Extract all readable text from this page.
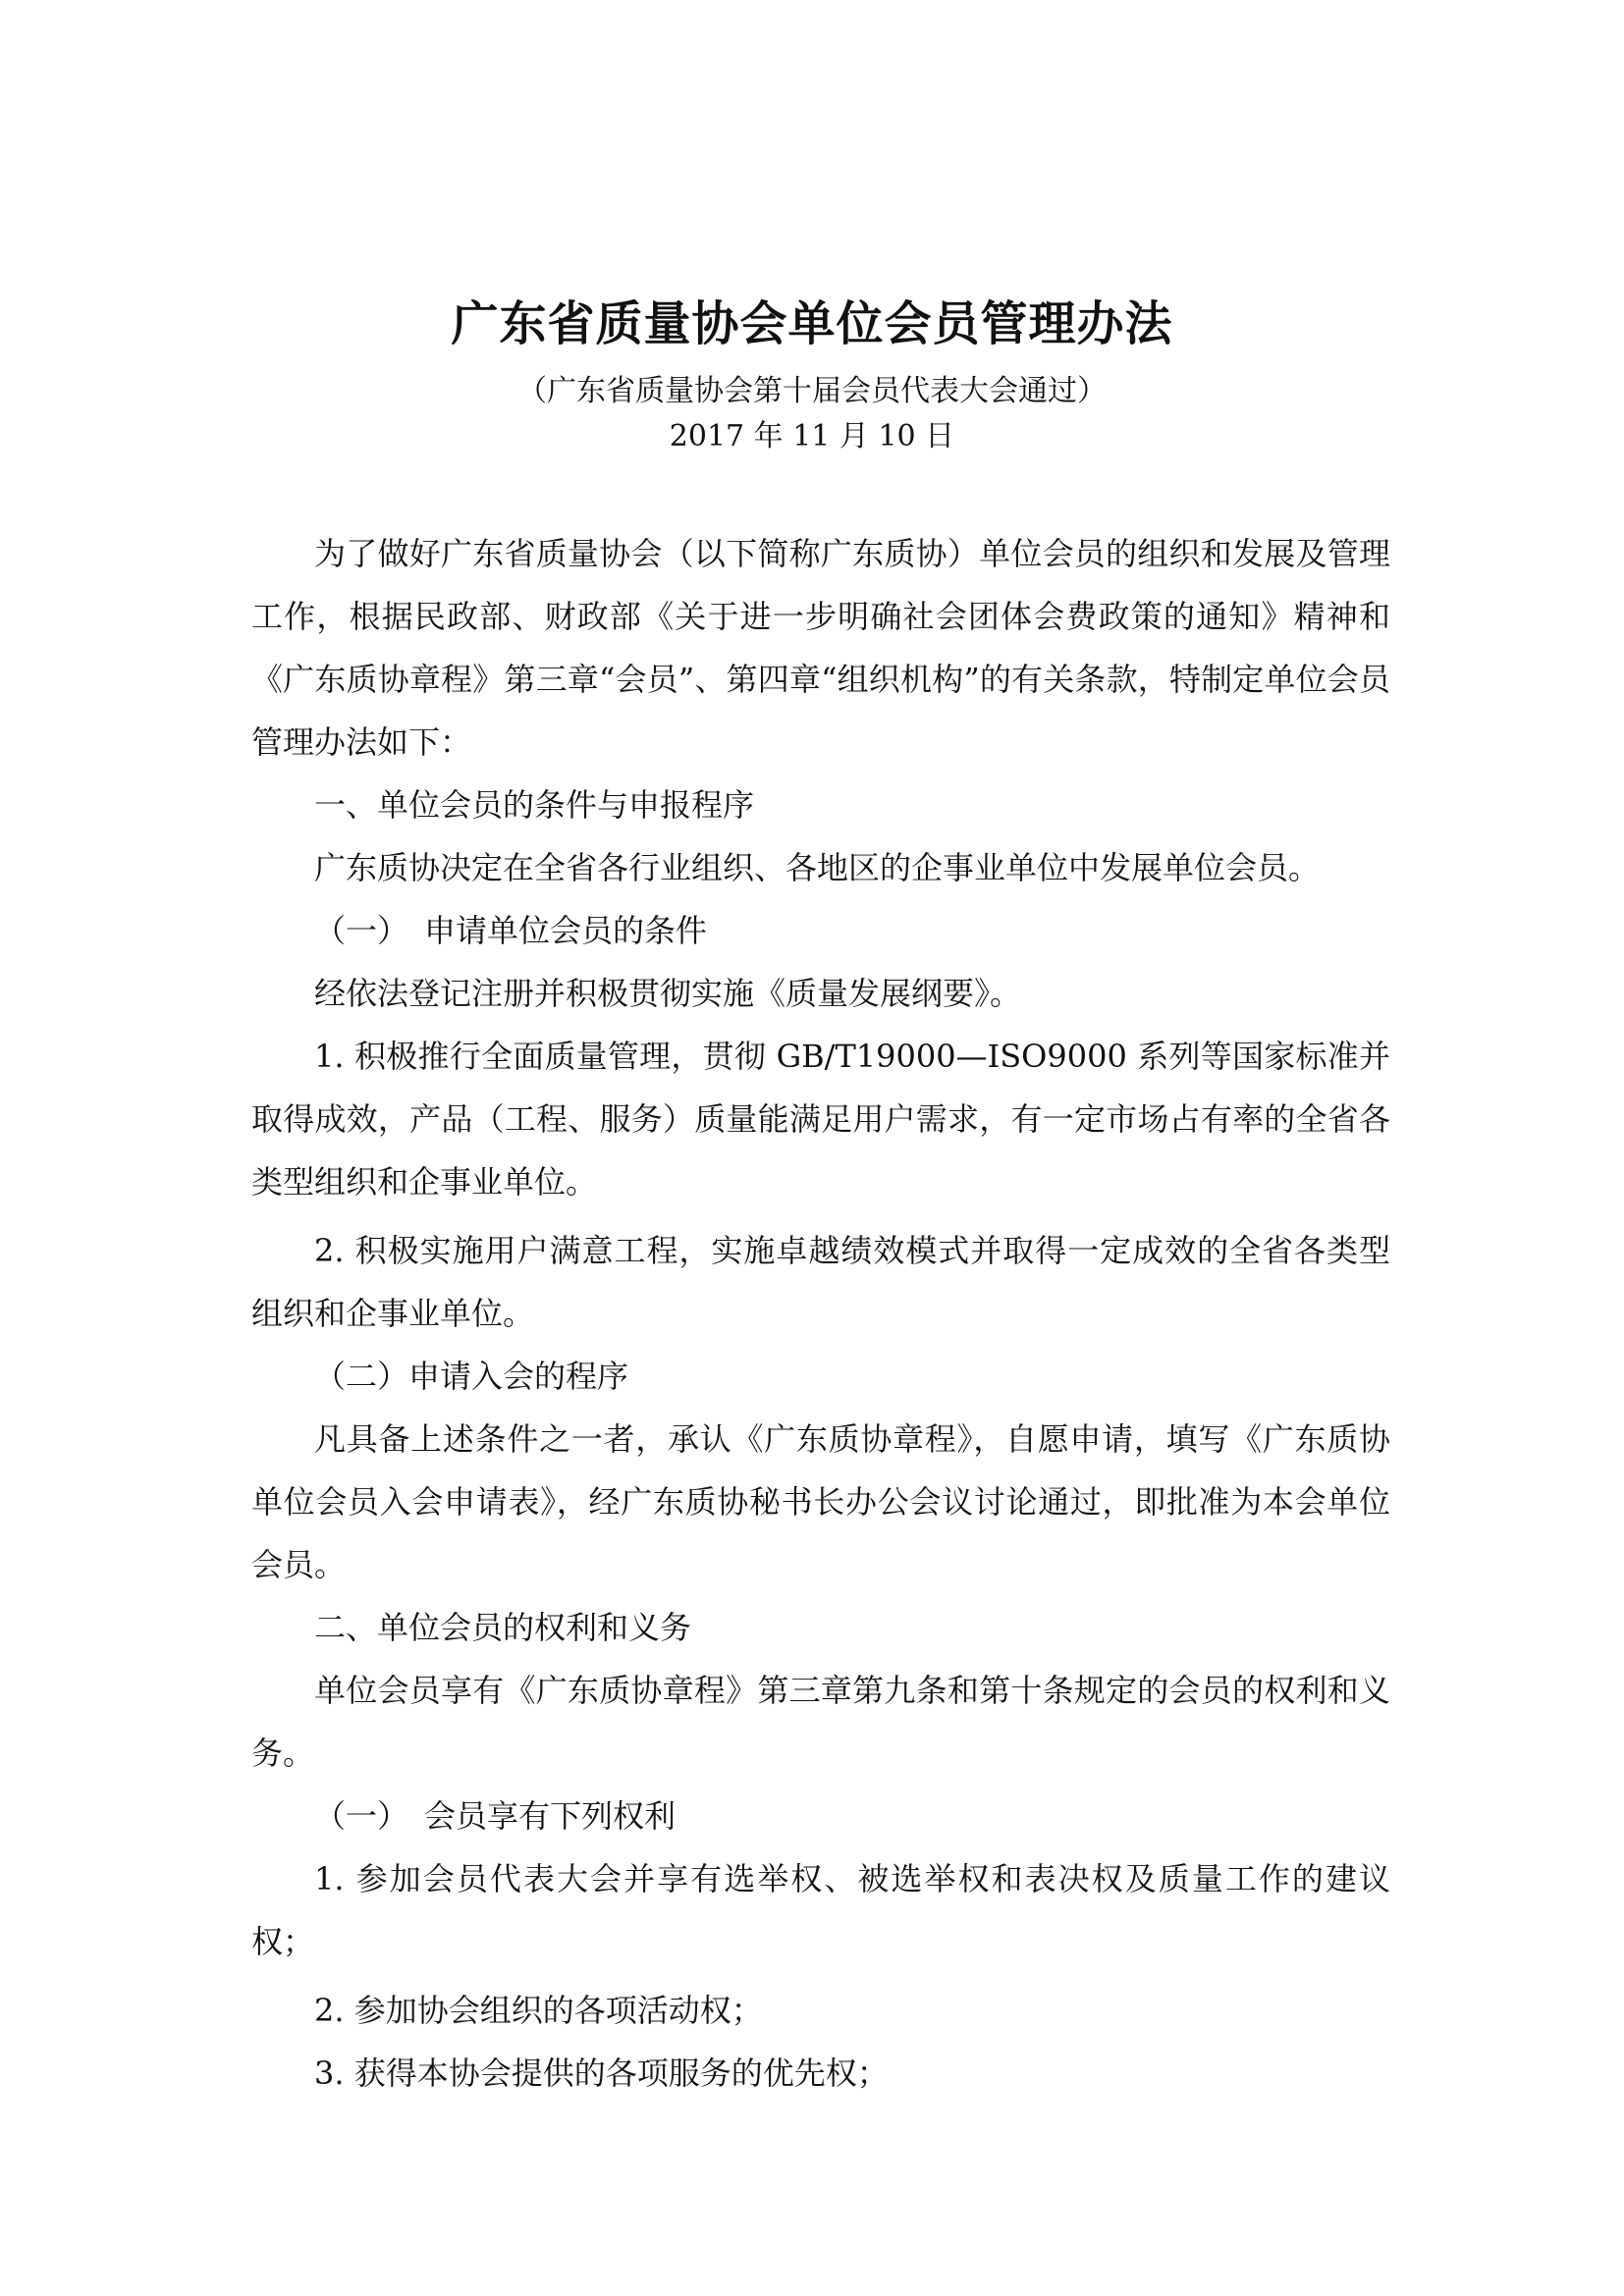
广东省质量协会单位会员管理办法
（广东省质量协会第十届会员代表大会通过）
2017 年 11 月 10 日

为了做好广东省质量协会（以下简称广东质协）单位会员的组织和发展及管理工作，根据民政部、财政部《关于进一步明确社会团体会费政策的通知》精神和《广东质协章程》第三章“会员”、第四章“组织机构”的有关条款，特制定单位会员管理办法如下：

一、单位会员的条件与申报程序

广东质协决定在全省各行业组织、各地区的企事业单位中发展单位会员。

（一）　申请单位会员的条件

经依法登记注册并积极贯彻实施《质量发展纲要》。

1. 积极推行全面质量管理，贯彻 GB/T19000—ISO9000 系列等国家标准并取得成效，产品（工程、服务）质量能满足用户需求，有一定市场占有率的全省各类型组织和企事业单位。

2. 积极实施用户满意工程，实施卓越绩效模式并取得一定成效的全省各类型组织和企事业单位。

（二）申请入会的程序

凡具备上述条件之一者，承认《广东质协章程》，自愿申请，填写《广东质协单位会员入会申请表》，经广东质协秘书长办公会议讨论通过，即批准为本会单位会员。

二、单位会员的权利和义务

单位会员享有《广东质协章程》第三章第九条和第十条规定的会员的权利和义务。

（一）　会员享有下列权利

1. 参加会员代表大会并享有选举权、被选举权和表决权及质量工作的建议权；

2. 参加协会组织的各项活动权；

3. 获得本协会提供的各项服务的优先权；
